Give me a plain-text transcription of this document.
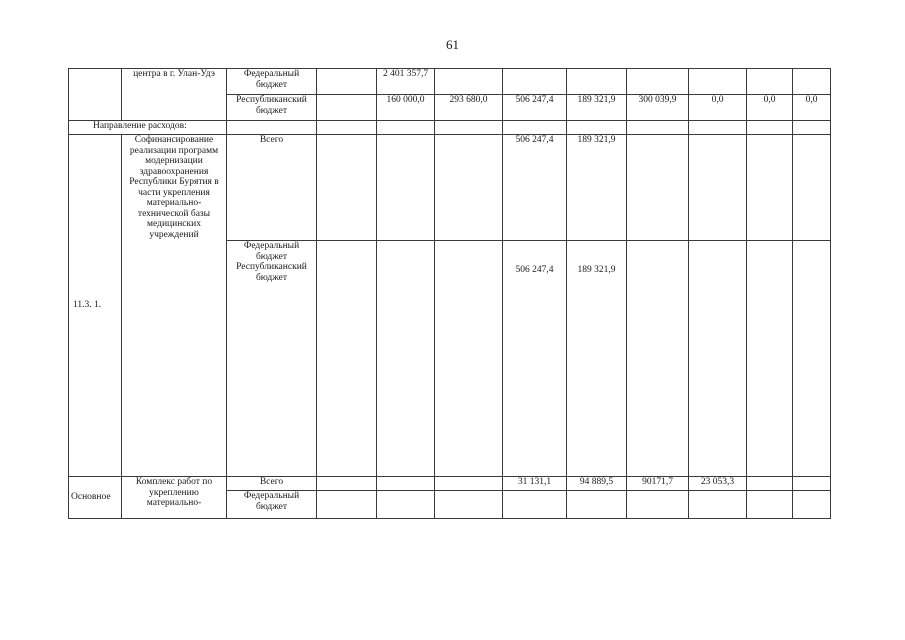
61
	центра в г. Улан-Удэ	Федеральный бюджет		2 401 357,7							
		Республиканский бюджет		160 000,0	293 680,0	506 247,4	189 321,9	300 039,9	0,0	0,0	0,0
Направление расходов:											
11.3. 1.	Софинансирование реализации программ модернизации здравоохранения Республики Бурятия в части укрепления материально-технической базы медицинских учреждений	Всего				506 247,4	189 321,9				
		Федеральный бюджет Республиканский бюджет				506 247,4	189 321,9				
Основное	Комплекс работ по укреплению материально-	Всего				31 131,1	94 889,5	90171,7	23 053,3		
		Федеральный бюджет									
